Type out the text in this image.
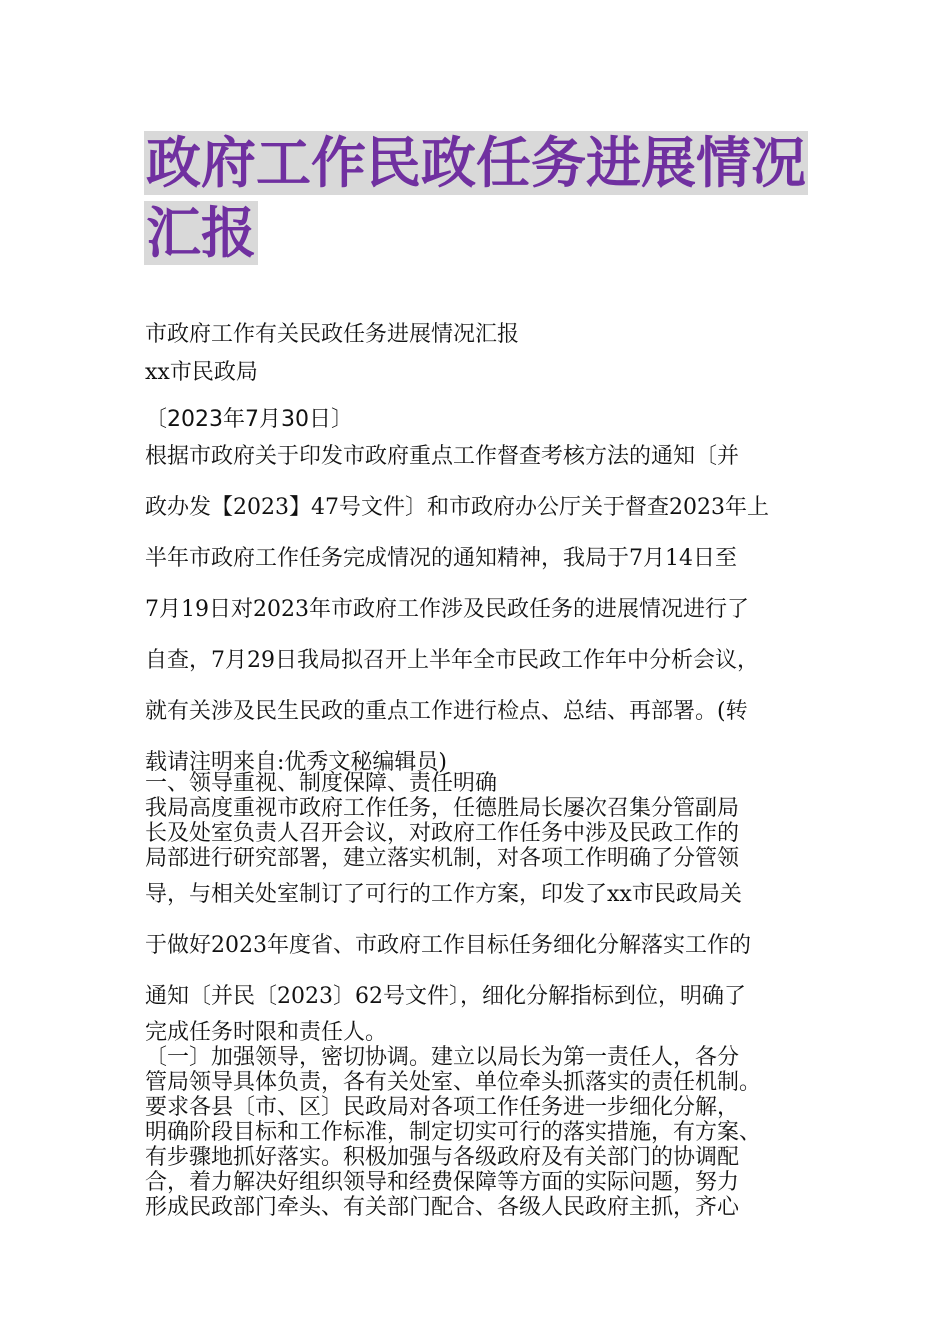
政府工作民政任务进展情况汇报

市政府工作有关民政任务进展情况汇报

xx市民政局

〔2023年7月30日〕

根据市政府关于印发市政府重点工作督查考核方法的通知〔并
政办发【2023】47号文件〕和市政府办公厅关于督查2023年上
半年市政府工作任务完成情况的通知精神，我局于7月14日至
7月19日对2023年市政府工作涉及民政任务的进展情况进行了
自查，7月29日我局拟召开上半年全市民政工作年中分析会议，
就有关涉及民生民政的重点工作进行检点、总结、再部署。(转
载请注明来自:优秀文秘编辑员)

一、领导重视、制度保障、责任明确

我局高度重视市政府工作任务，任德胜局长屡次召集分管副局
长及处室负责人召开会议，对政府工作任务中涉及民政工作的
局部进行研究部署，建立落实机制，对各项工作明确了分管领
导，与相关处室制订了可行的工作方案，印发了xx市民政局关
于做好2023年度省、市政府工作目标任务细化分解落实工作的
通知〔并民〔2023〕62号文件〕，细化分解指标到位，明确了

完成任务时限和责任人。

〔一〕加强领导，密切协调。建立以局长为第一责任人，各分
管局领导具体负责，各有关处室、单位牵头抓落实的责任机制。
要求各县〔市、区〕民政局对各项工作任务进一步细化分解，
明确阶段目标和工作标准，制定切实可行的落实措施，有方案、
有步骤地抓好落实。积极加强与各级政府及有关部门的协调配
合，着力解决好组织领导和经费保障等方面的实际问题，努力
形成民政部门牵头、有关部门配合、各级人民政府主抓，齐心
